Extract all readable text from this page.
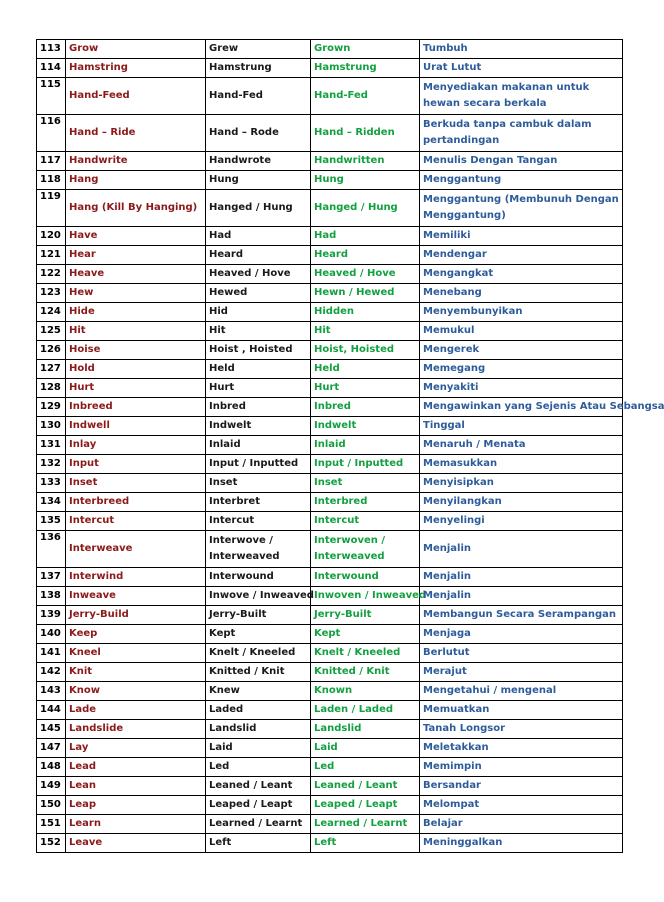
113	Grow	Grew	Grown	Tumbuh
114	Hamstring	Hamstrung	Hamstrung	Urat Lutut
115	Hand-Feed	Hand-Fed	Hand-Fed	Menyediakan makanan untuk hewan secara berkala
116	Hand – Ride	Hand – Rode	Hand – Ridden	Berkuda tanpa cambuk dalam pertandingan
117	Handwrite	Handwrote	Handwritten	Menulis Dengan Tangan
118	Hang	Hung	Hung	Menggantung
119	Hang (Kill By Hanging)	Hanged / Hung	Hanged / Hung	Menggantung (Membunuh Dengan Menggantung)
120	Have	Had	Had	Memiliki
121	Hear	Heard	Heard	Mendengar
122	Heave	Heaved / Hove	Heaved / Hove	Mengangkat
123	Hew	Hewed	Hewn / Hewed	Menebang
124	Hide	Hid	Hidden	Menyembunyikan
125	Hit	Hit	Hit	Memukul
126	Hoise	Hoist , Hoisted	Hoist, Hoisted	Mengerek
127	Hold	Held	Held	Memegang
128	Hurt	Hurt	Hurt	Menyakiti
129	Inbreed	Inbred	Inbred	Mengawinkan yang Sejenis Atau Sebangsa
130	Indwell	Indwelt	Indwelt	Tinggal
131	Inlay	Inlaid	Inlaid	Menaruh / Menata
132	Input	Input / Inputted	Input / Inputted	Memasukkan
133	Inset	Inset	Inset	Menyisipkan
134	Interbreed	Interbret	Interbred	Menyilangkan
135	Intercut	Intercut	Intercut	Menyelingi
136	Interweave	Interwove / Interweaved	Interwoven / Interweaved	Menjalin
137	Interwind	Interwound	Interwound	Menjalin
138	Inweave	Inwove / Inweaved	Inwoven / Inweaved	Menjalin
139	Jerry-Build	Jerry-Built	Jerry-Built	Membangun Secara Serampangan
140	Keep	Kept	Kept	Menjaga
141	Kneel	Knelt / Kneeled	Knelt / Kneeled	Berlutut
142	Knit	Knitted / Knit	Knitted / Knit	Merajut
143	Know	Knew	Known	Mengetahui / mengenal
144	Lade	Laded	Laden / Laded	Memuatkan
145	Landslide	Landslid	Landslid	Tanah Longsor
147	Lay	Laid	Laid	Meletakkan
148	Lead	Led	Led	Memimpin
149	Lean	Leaned / Leant	Leaned / Leant	Bersandar
150	Leap	Leaped / Leapt	Leaped / Leapt	Melompat
151	Learn	Learned / Learnt	Learned / Learnt	Belajar
152	Leave	Left	Left	Meninggalkan
